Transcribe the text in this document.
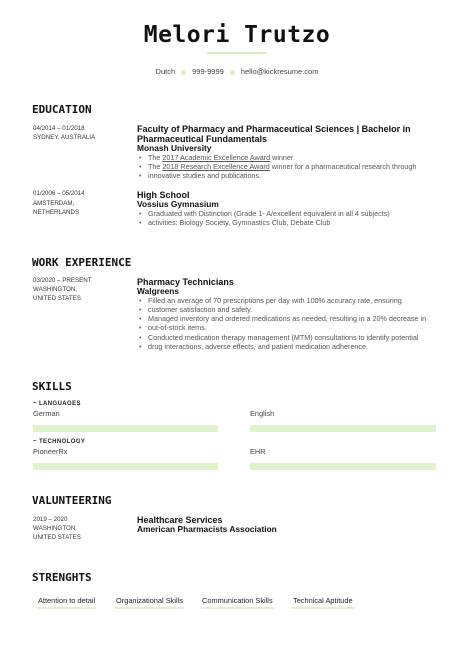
Melori Trutzo
Dutch 999-9999 hello@kickresume.com
EDUCATION
04/2014 – 01/2018
SYDNEY, AUSTRALIA
Faculty of Pharmacy and Pharmaceutical Sciences | Bachelor in
Pharmaceutical Fundamentals
Monash University
• The 2017 Academic Excellence Award winner
• The 2018 Research Excellence Award winner for a pharmaceutical research through
• innovative studies and publications.
01/2006 – 05/2014
AMSTERDAM,
NETHERLANDS
High School
Vossius Gymnasium
• Graduated with Distinction (Grade 1- A/excellent equivalent in all 4 subjects)
• activities: Biology Society, Gymnastics Club, Debate Club
WORK EXPERIENCE
03/2020 – PRESENT
WASHINGTON,
UNITED STATES
Pharmacy Technicians
Walgreens
• Filled an average of 70 prescriptions per day with 100% accuracy rate, ensuring
• customer satisfaction and safety.
• Managed inventory and ordered medications as needed, resulting in a 20% decrease in
• out-of-stock items.
• Conducted medication therapy management (MTM) consultations to identify potential
• drug interactions, adverse effects, and patient medication adherence.
SKILLS
~ LANGUAGES
German	English
~ TECHNOLOGY
PioneerRx	EHR
VALUNTEERING
2019 – 2020
WASHINGTON,
UNITED STATES
Healthcare Services
American Pharmacists Association
STRENGHTS
Attention to detail	Organizational Skills	Communication Skills	Technical Aptitude
